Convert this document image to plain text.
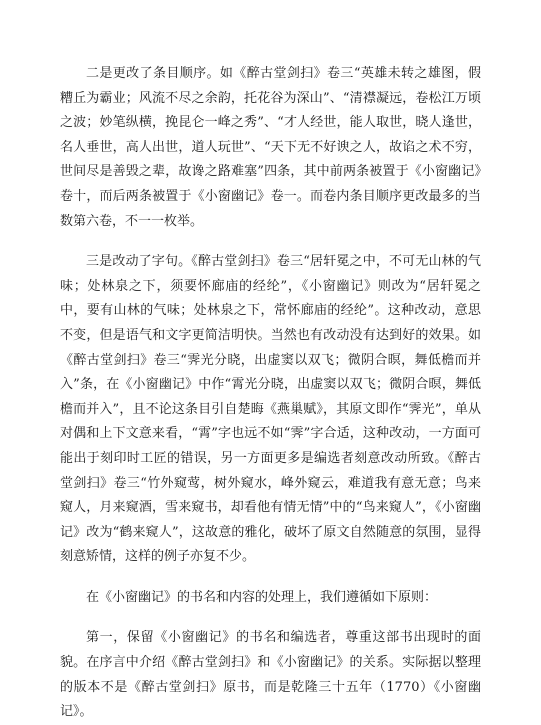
二是更改了条目顺序。如《醉古堂剑扫》卷三“英雄未转之雄图，假糟丘为霸业；风流不尽之余韵，托花谷为深山”、“清襟凝远，卷松江万顷之波；妙笔纵横，挽昆仑一峰之秀”、“才人经世，能人取世，晓人逢世，名人垂世，高人出世，道人玩世”、“天下无不好谀之人，故谄之术不穷，世间尽是善毁之辈，故谗之路难塞”四条，其中前两条被置于《小窗幽记》卷十，而后两条被置于《小窗幽记》卷一。而卷内条目顺序更改最多的当数第六卷，不一一枚举。

三是改动了字句。《醉古堂剑扫》卷三“居轩冕之中，不可无山林的气味；处林泉之下，须要怀廊庙的经纶”，《小窗幽记》则改为“居轩冕之中，要有山林的气味；处林泉之下，常怀廊庙的经纶”。这种改动，意思不变，但是语气和文字更简洁明快。当然也有改动没有达到好的效果。如《醉古堂剑扫》卷三“霁光分晓，出虚窦以双飞；微阴合暝，舞低檐而并入”条，在《小窗幽记》中作“霄光分晓，出虚窦以双飞；微阴合暝，舞低檐而并入”，且不论这条目引自楚晦《燕巢赋》，其原文即作“霁光”，单从对偶和上下文意来看，“霄”字也远不如“霁”字合适，这种改动，一方面可能出于刻印时工匠的错误，另一方面更多是编选者刻意改动所致。《醉古堂剑扫》卷三“竹外窥莺，树外窥水，峰外窥云，难道我有意无意；鸟来窥人，月来窥酒，雪来窥书，却看他有情无情”中的“鸟来窥人”，《小窗幽记》改为“鹤来窥人”，这故意的雅化，破坏了原文自然随意的氛围，显得刻意矫情，这样的例子亦复不少。

在《小窗幽记》的书名和内容的处理上，我们遵循如下原则：

第一，保留《小窗幽记》的书名和编选者，尊重这部书出现时的面貌。在序言中介绍《醉古堂剑扫》和《小窗幽记》的关系。实际据以整理的版本不是《醉古堂剑扫》原书，而是乾隆三十五年（1770）《小窗幽记》。
